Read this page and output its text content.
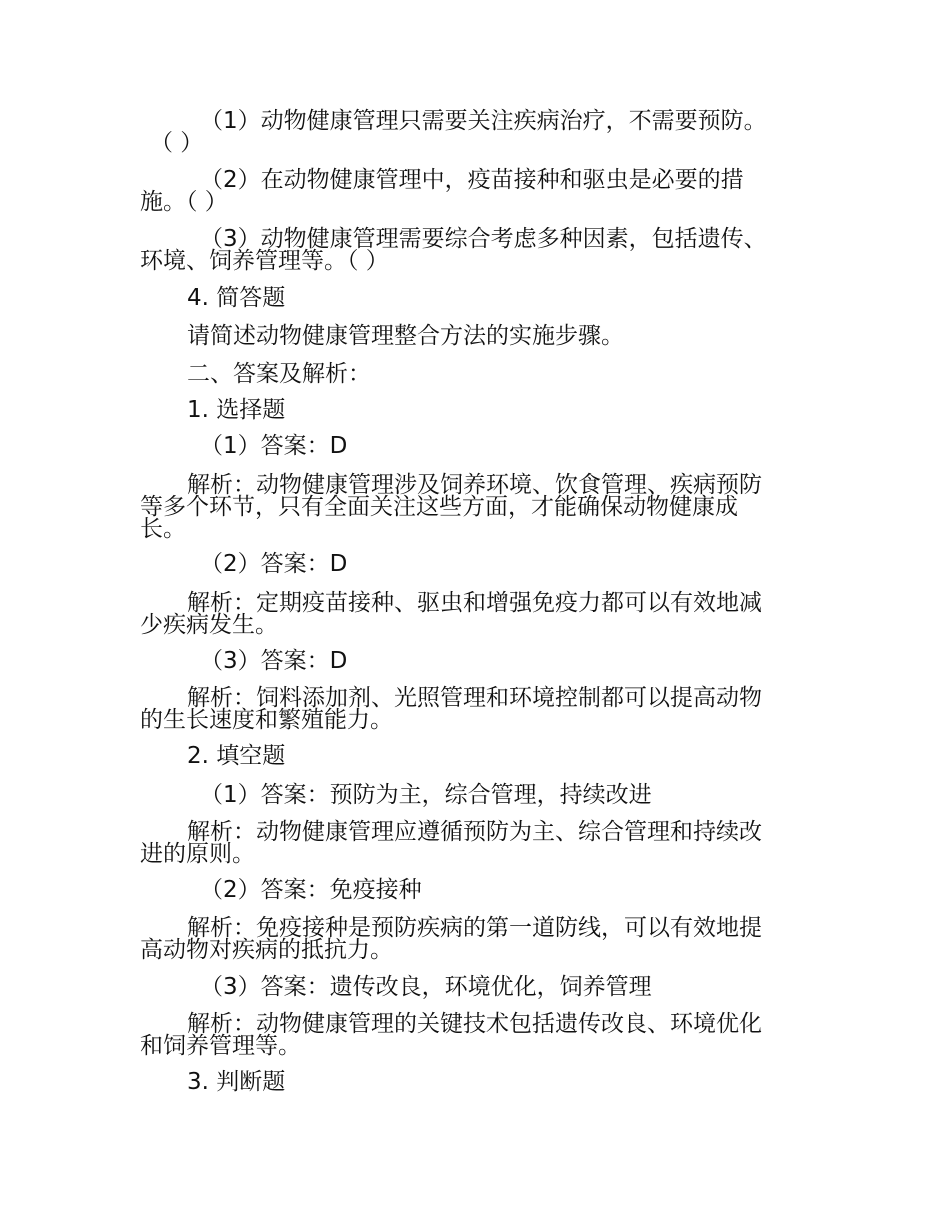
（1）动物健康管理只需要关注疾病治疗，不需要预防。

（ ）

（2）在动物健康管理中，疫苗接种和驱虫是必要的措

施。（ ）

（3）动物健康管理需要综合考虑多种因素，包括遗传、

环境、饲养管理等。（ ）

4. 简答题

请简述动物健康管理整合方法的实施步骤。

二、答案及解析：

1. 选择题

（1）答案：D

解析：动物健康管理涉及饲养环境、饮食管理、疾病预防

等多个环节，只有全面关注这些方面，才能确保动物健康成

长。

（2）答案：D

解析：定期疫苗接种、驱虫和增强免疫力都可以有效地减

少疾病发生。

（3）答案：D

解析：饲料添加剂、光照管理和环境控制都可以提高动物

的生长速度和繁殖能力。

2. 填空题

（1）答案：预防为主，综合管理，持续改进

解析：动物健康管理应遵循预防为主、综合管理和持续改

进的原则。

（2）答案：免疫接种

解析：免疫接种是预防疾病的第一道防线，可以有效地提

高动物对疾病的抵抗力。

（3）答案：遗传改良，环境优化，饲养管理

解析：动物健康管理的关键技术包括遗传改良、环境优化

和饲养管理等。

3. 判断题
